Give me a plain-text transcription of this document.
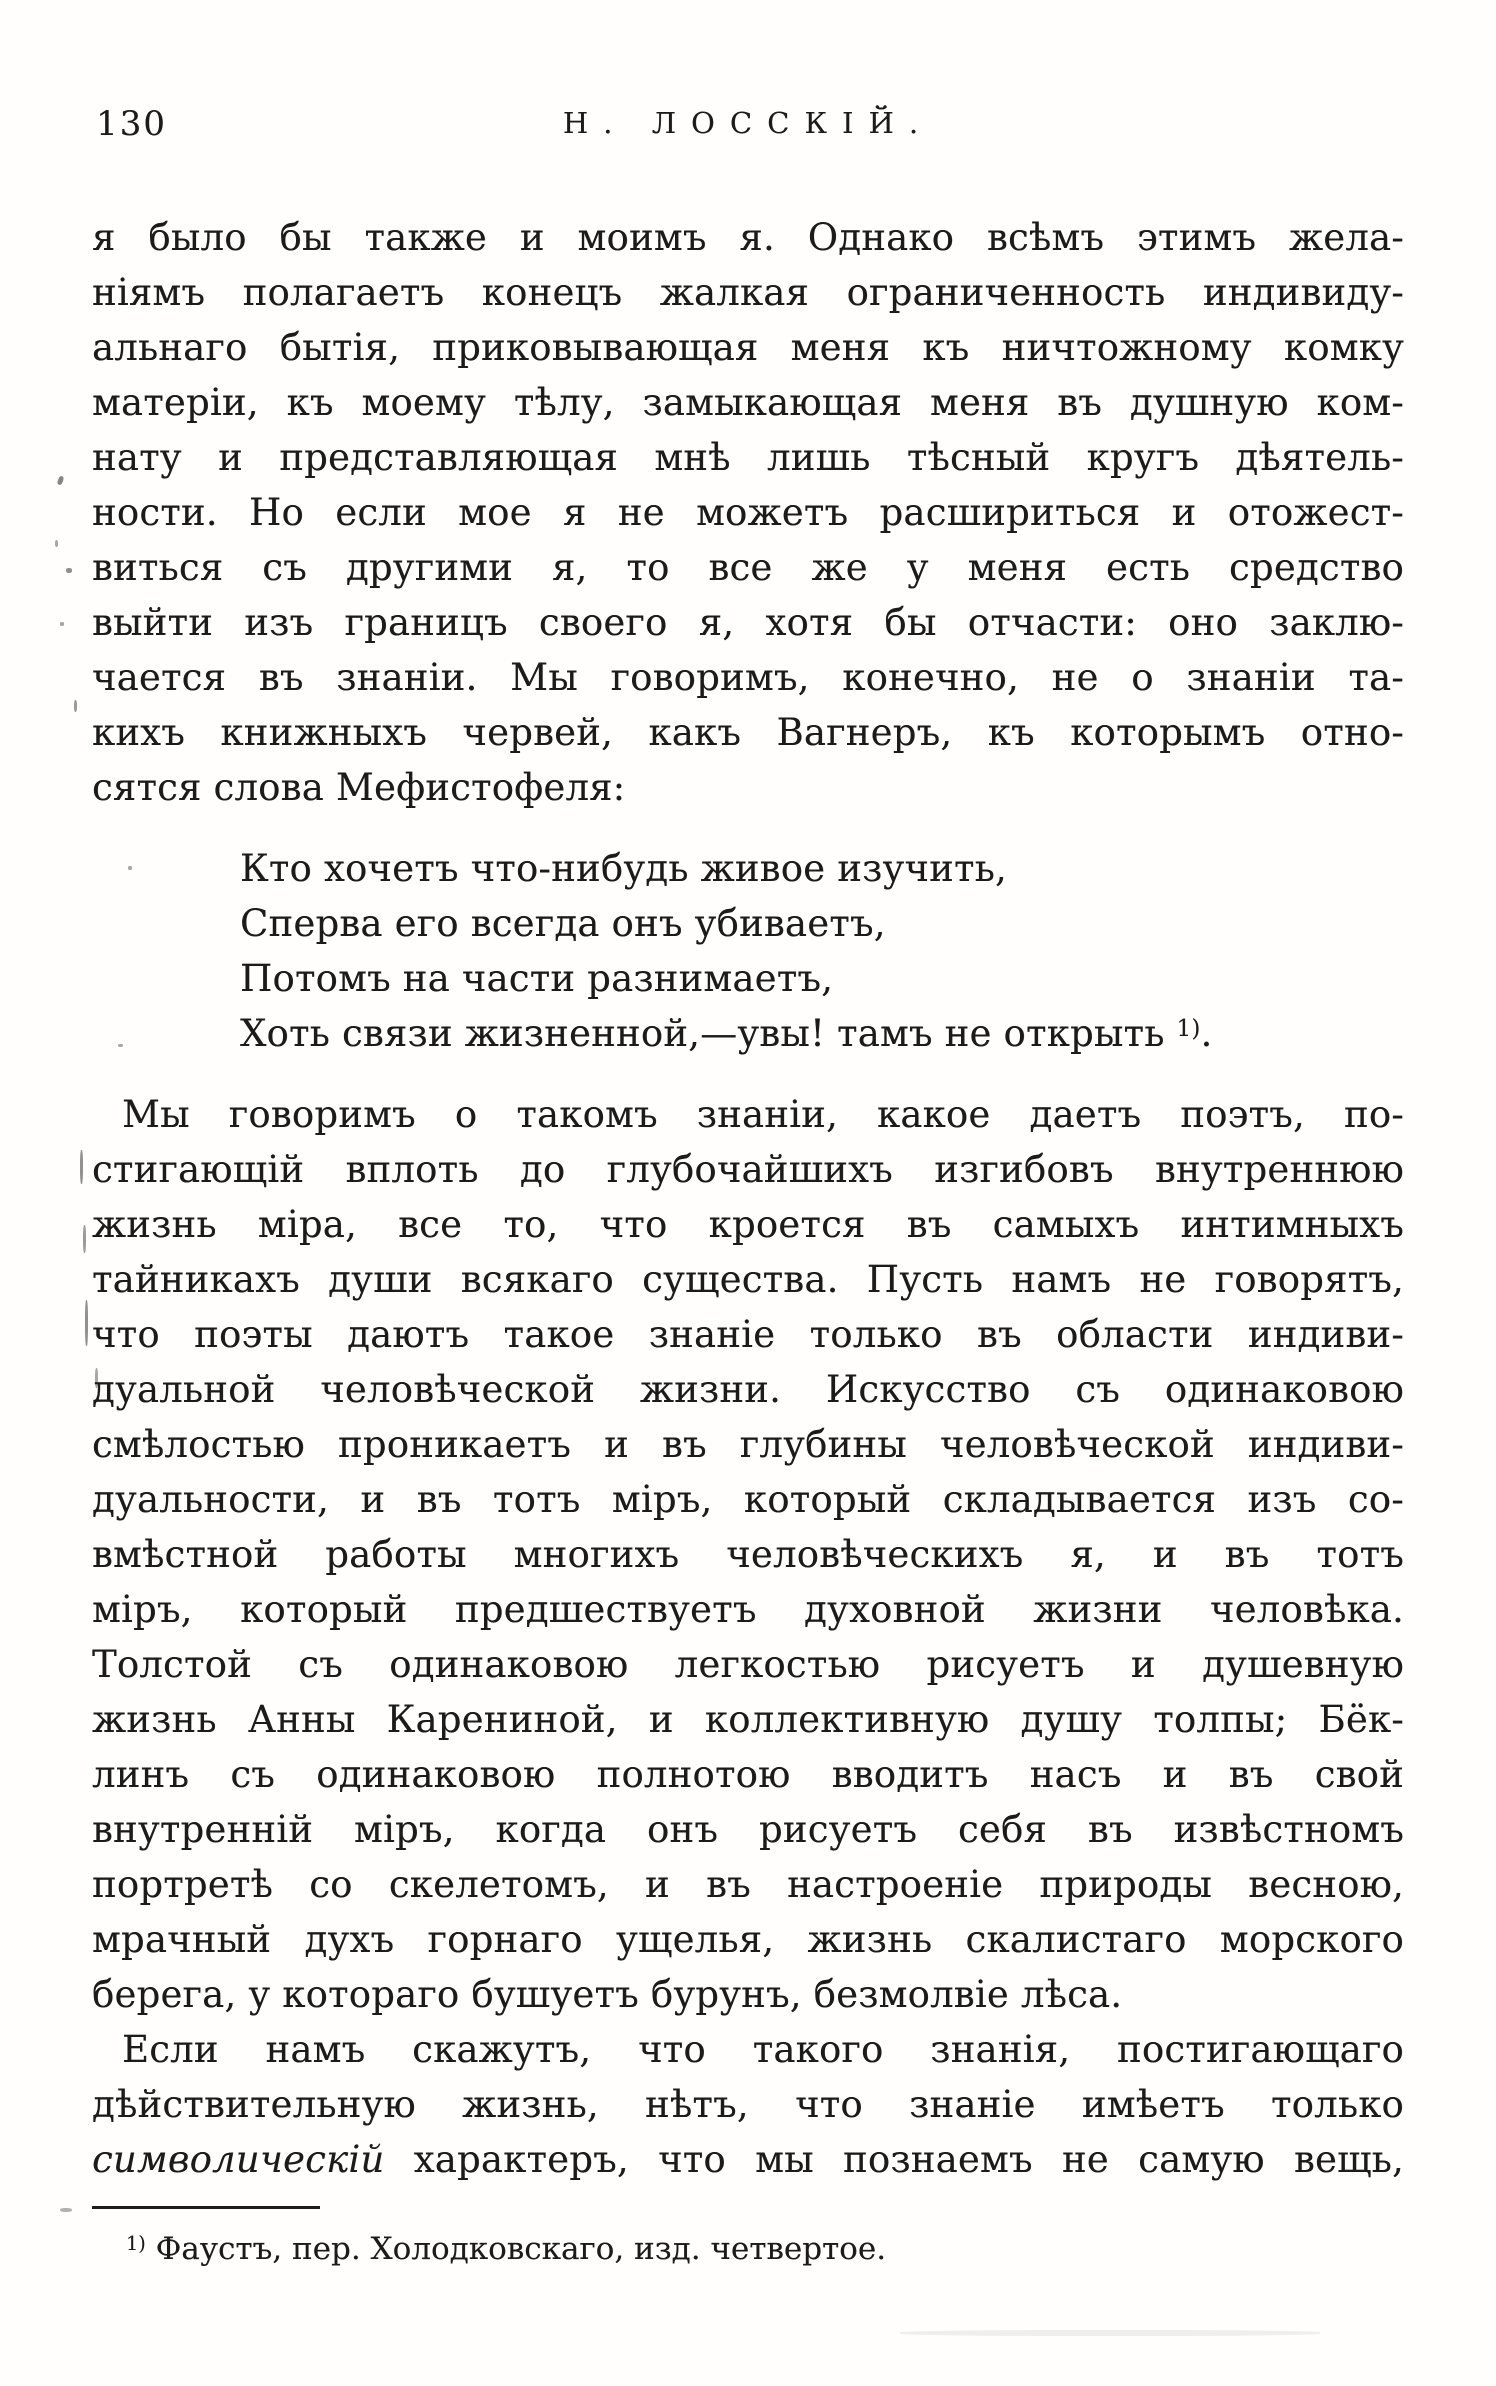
130	Н. ЛОССКІЙ.
я было бы также и моимъ я. Однако всѣмъ этимъ жела-
ніямъ полагаетъ конецъ жалкая ограниченность индивиду-
альнаго бытія, приковывающая меня къ ничтожному комку
матеріи, къ моему тѣлу, замыкающая меня въ душную ком-
нату и представляющая мнѣ лишь тѣсный кругъ дѣятель-
ности. Но если мое я не можетъ расшириться и отожест-
виться съ другими я, то все же у меня есть средство
выйти изъ границъ своего я, хотя бы отчасти: оно заклю-
чается въ знаніи. Мы говоримъ, конечно, не о знаніи та-
кихъ книжныхъ червей, какъ Вагнеръ, къ которымъ отно-
сятся слова Мефистофеля:
Кто хочетъ что-нибудь живое изучить,
Сперва его всегда онъ убиваетъ,
Потомъ на части разнимаетъ,
Хоть связи жизненной,—увы! тамъ не открыть $^{1)}$.
Мы говоримъ о такомъ знаніи, какое даетъ поэтъ, по-
стигающій вплоть до глубочайшихъ изгибовъ внутреннюю
жизнь міра, все то, что кроется въ самыхъ интимныхъ
тайникахъ души всякаго существа. Пусть намъ не говорятъ,
что поэты даютъ такое знаніе только въ области индиви-
дуальной человѣческой жизни. Искусство съ одинаковою
смѣлостью проникаетъ и въ глубины человѣческой индиви-
дуальности, и въ тотъ міръ, который складывается изъ со-
вмѣстной работы многихъ человѣческихъ я, и въ тотъ
міръ, который предшествуетъ духовной жизни человѣка.
Толстой съ одинаковою легкостью рисуетъ и душевную
жизнь Анны Карениной, и коллективную душу толпы; Бёк-
линъ съ одинаковою полнотою вводитъ насъ и въ свой
внутренній міръ, когда онъ рисуетъ себя въ извѣстномъ
портретѣ со скелетомъ, и въ настроеніе природы весною,
мрачный духъ горнаго ущелья, жизнь скалистаго морского
берега, у котораго бушуетъ бурунъ, безмолвіе лѣса.
Если намъ скажутъ, что такого знанія, постигающаго
дѣйствительную жизнь, нѣтъ, что знаніе имѣетъ только
символическій характеръ, что мы познаемъ не самую вещь,
$^{1)}$ Фаустъ, пер. Холодковскаго, изд. четвертое.
